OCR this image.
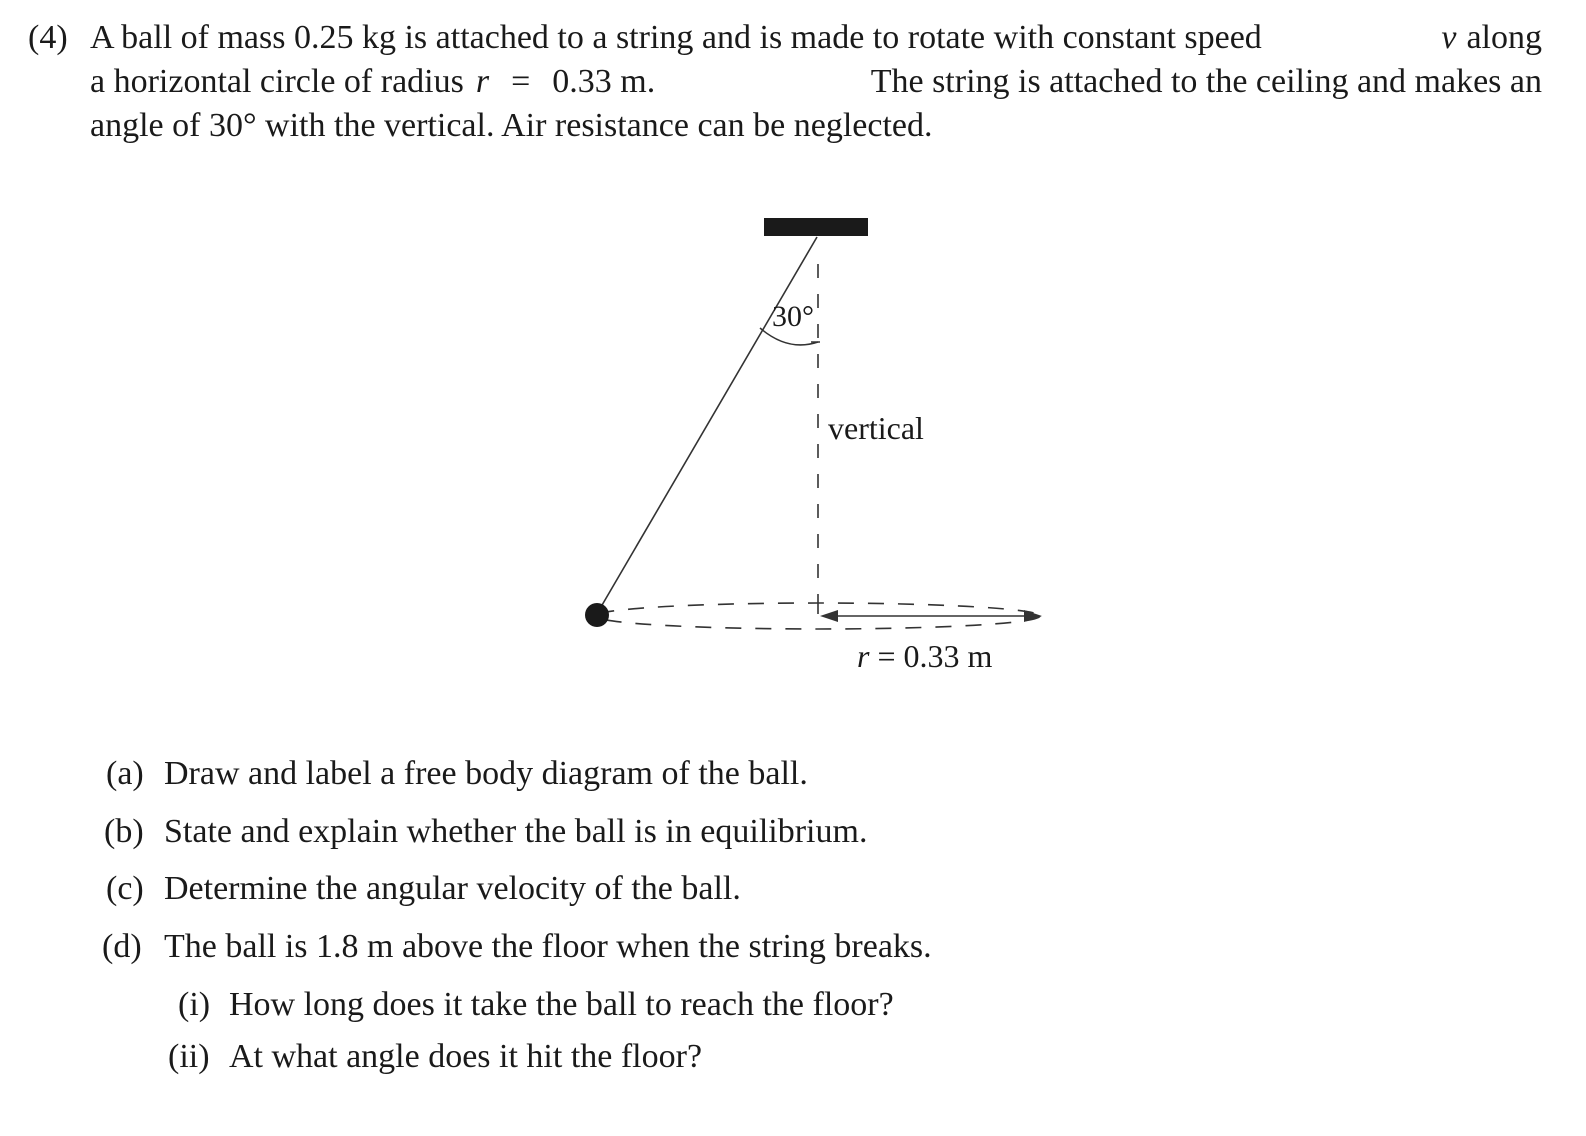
(4) A ball of mass 0.25 kg is attached to a string and is made to rotate with constant speed	v along
a horizontal circle of radius r = 0.33 m.	The string is attached to the ceiling and makes an
angle of 30° with the vertical. Air resistance can be neglected.
30°
vertical
r = 0.33 m
(a) Draw and label a free body diagram of the ball.
(b) State and explain whether the ball is in equilibrium.
(c) Determine the angular velocity of the ball.
(d) The ball is 1.8 m above the floor when the string breaks.
(i) How long does it take the ball to reach the floor?
(ii) At what angle does it hit the floor?
